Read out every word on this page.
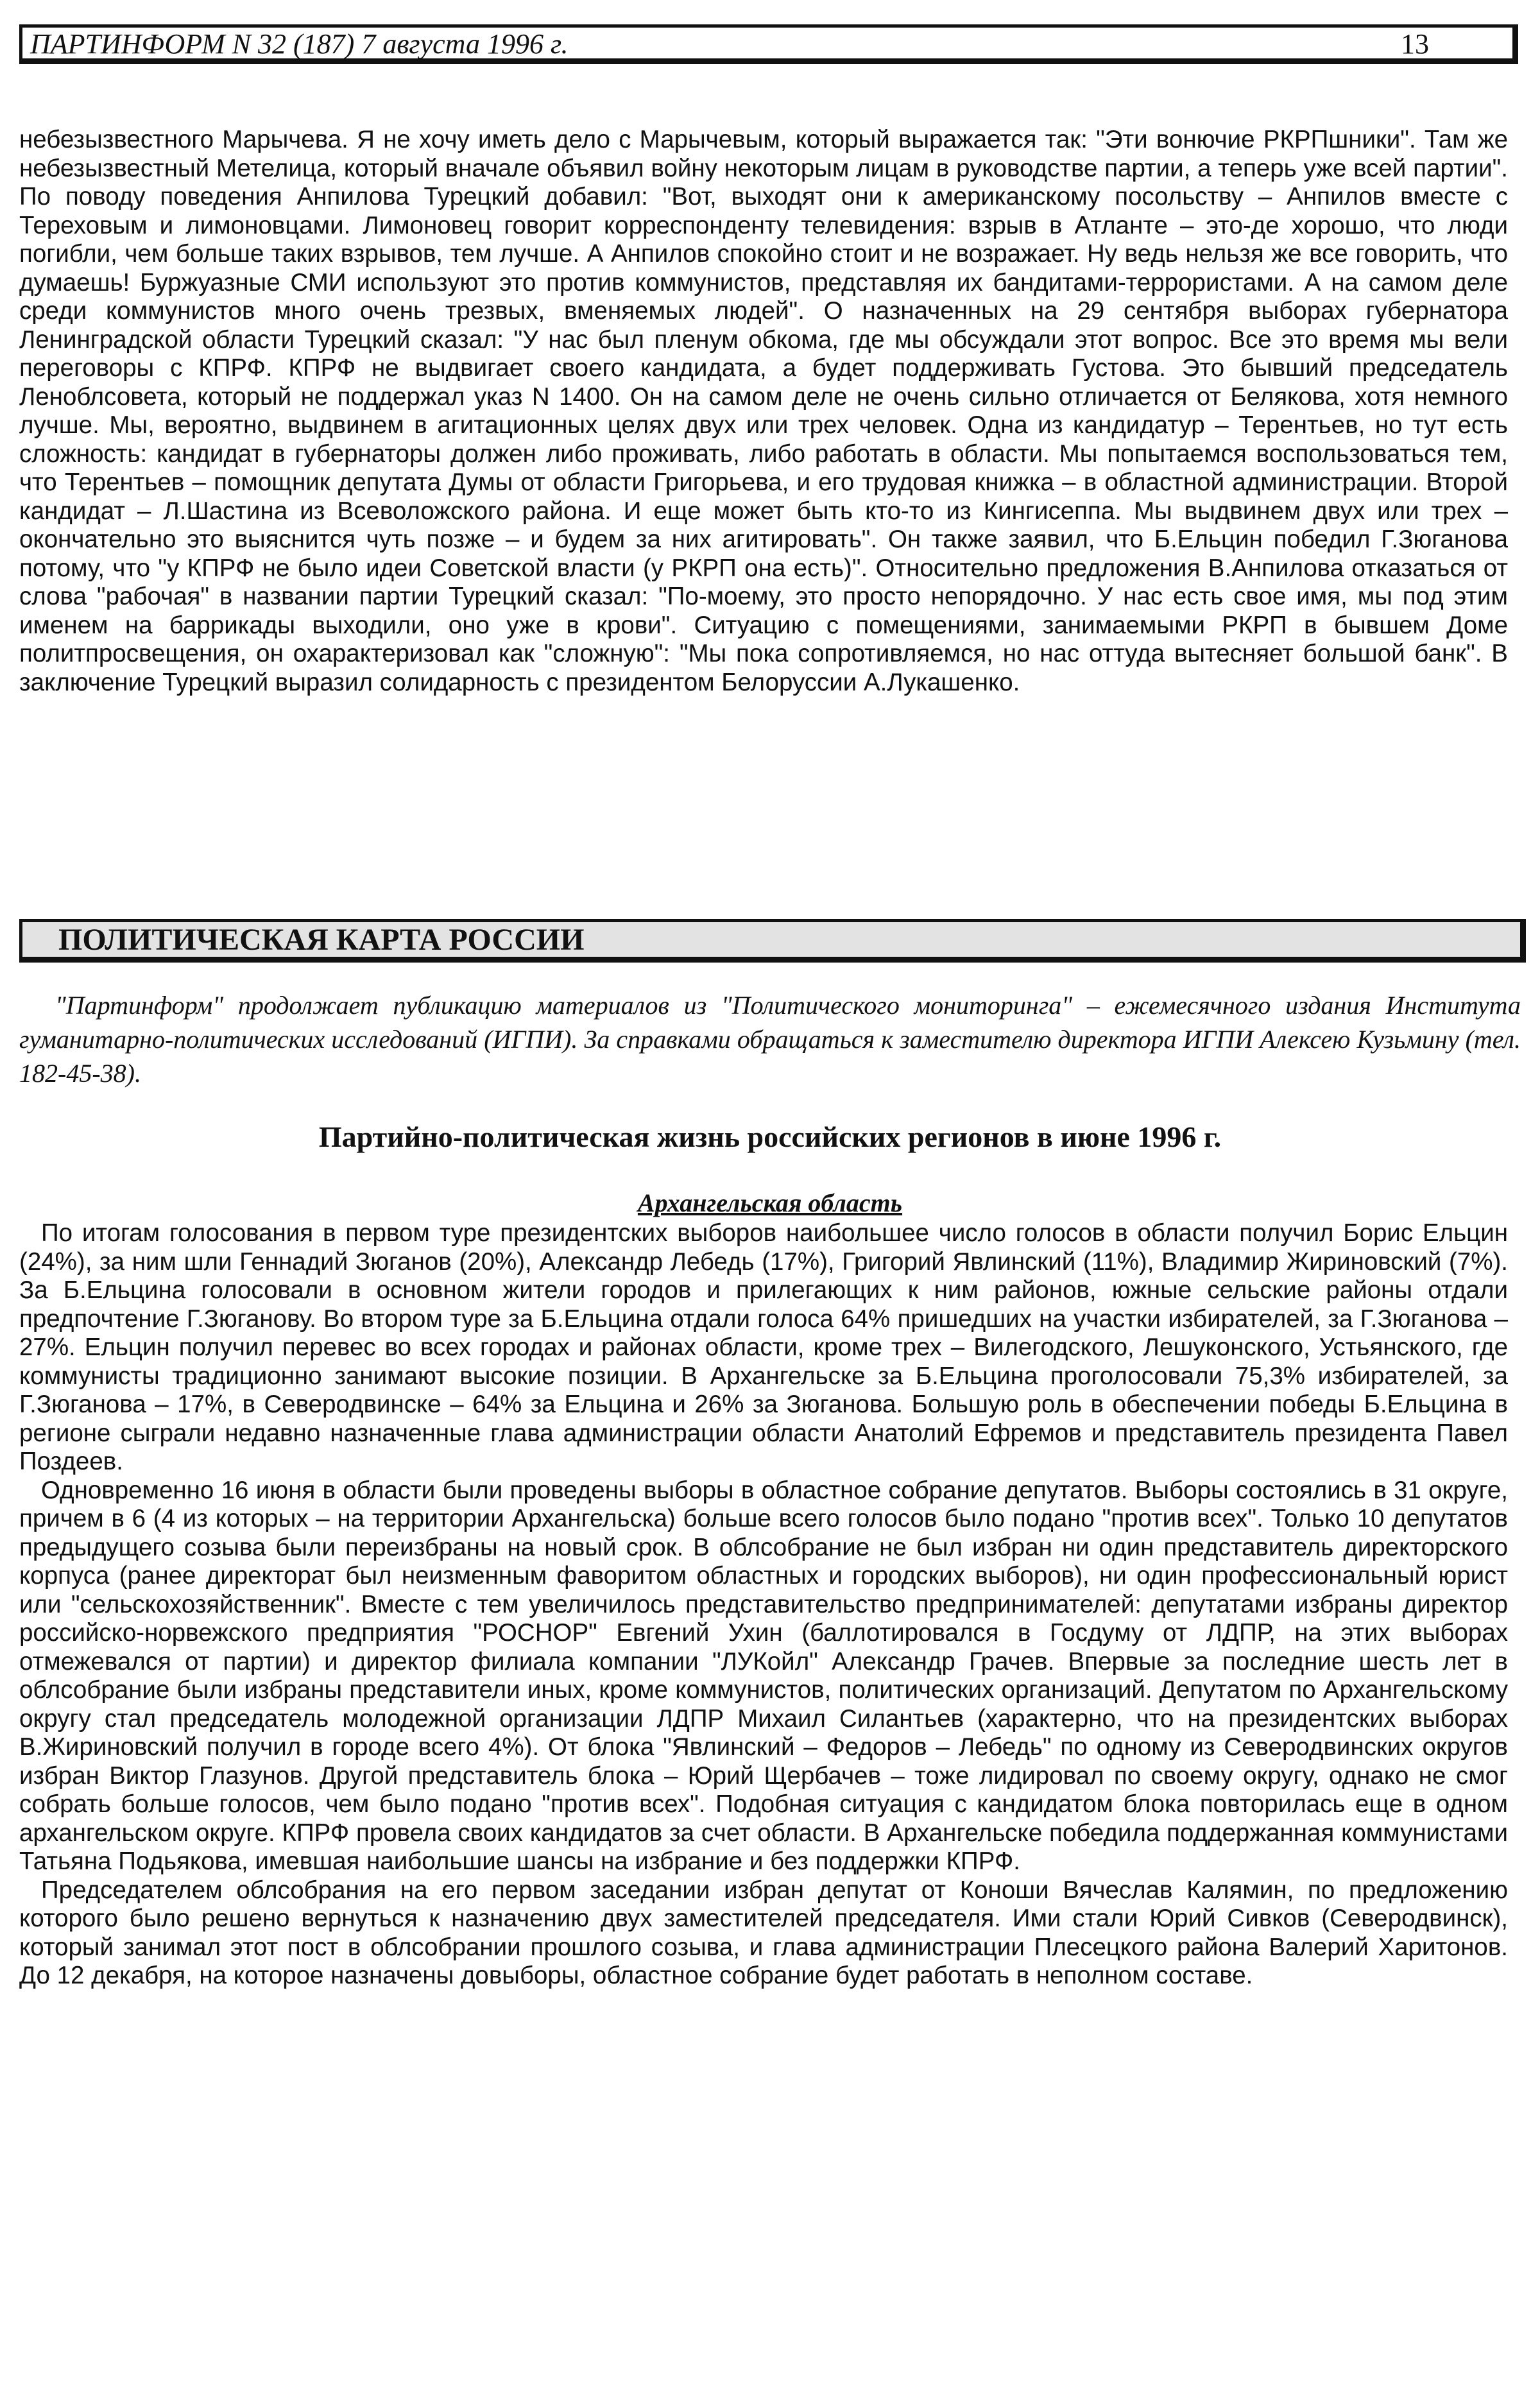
ПАРТИНФОРМ N 32 (187) 7 августа 1996 г.	13

небезызвестного Марычева. Я не хочу иметь дело с Марычевым, который выражается так: "Эти вонючие РКРПшники". Там же небезызвестный Метелица, который вначале объявил войну некоторым лицам в руководстве партии, а теперь уже всей партии". По поводу поведения Анпилова Турецкий добавил: "Вот, выходят они к американскому посольству – Анпилов вместе с Тереховым и лимоновцами. Лимоновец говорит корреспонденту телевидения: взрыв в Атланте – это-де хорошо, что люди погибли, чем больше таких взрывов, тем лучше. А Анпилов спокойно стоит и не возражает. Ну ведь нельзя же все говорить, что думаешь! Буржуазные СМИ используют это против коммунистов, представляя их бандитами-террористами. А на самом деле среди коммунистов много очень трезвых, вменяемых людей". О назначенных на 29 сентября выборах губернатора Ленинградской области Турецкий сказал: "У нас был пленум обкома, где мы обсуждали этот вопрос. Все это время мы вели переговоры с КПРФ. КПРФ не выдвигает своего кандидата, а будет поддерживать Густова. Это бывший председатель Леноблсовета, который не поддержал указ N 1400. Он на самом деле не очень сильно отличается от Белякова, хотя немного лучше. Мы, вероятно, выдвинем в агитационных целях двух или трех человек. Одна из кандидатур – Терентьев, но тут есть сложность: кандидат в губернаторы должен либо проживать, либо работать в области. Мы попытаемся воспользоваться тем, что Терентьев – помощник депутата Думы от области Григорьева, и его трудовая книжка – в областной администрации. Второй кандидат – Л.Шастина из Всеволожского района. И еще может быть кто-то из Кингисеппа. Мы выдвинем двух или трех – окончательно это выяснится чуть позже – и будем за них агитировать". Он также заявил, что Б.Ельцин победил Г.Зюганова потому, что "у КПРФ не было идеи Советской власти (у РКРП она есть)". Относительно предложения В.Анпилова отказаться от слова "рабочая" в названии партии Турецкий сказал: "По-моему, это просто непорядочно. У нас есть свое имя, мы под этим именем на баррикады выходили, оно уже в крови". Ситуацию с помещениями, занимаемыми РКРП в бывшем Доме политпросвещения, он охарактеризовал как "сложную": "Мы пока сопротивляемся, но нас оттуда вытесняет большой банк". В заключение Турецкий выразил солидарность с президентом Белоруссии А.Лукашенко.

ПОЛИТИЧЕСКАЯ КАРТА РОССИИ

"Партинформ" продолжает публикацию материалов из "Политического мониторинга" – ежемесячного издания Института гуманитарно-политических исследований (ИГПИ). За справками обращаться к заместителю директора ИГПИ Алексею Кузьмину (тел. 182-45-38).

Партийно-политическая жизнь российских регионов в июне 1996 г.
Архангельская область

По итогам голосования в первом туре президентских выборов наибольшее число голосов в области получил Борис Ельцин (24%), за ним шли Геннадий Зюганов (20%), Александр Лебедь (17%), Григорий Явлинский (11%), Владимир Жириновский (7%). За Б.Ельцина голосовали в основном жители городов и прилегающих к ним районов, южные сельские районы отдали предпочтение Г.Зюганову. Во втором туре за Б.Ельцина отдали голоса 64% пришедших на участки избирателей, за Г.Зюганова – 27%. Ельцин получил перевес во всех городах и районах области, кроме трех – Вилегодского, Лешуконского, Устьянского, где коммунисты традиционно занимают высокие позиции. В Архангельске за Б.Ельцина проголосовали 75,3% избирателей, за Г.Зюганова – 17%, в Северодвинске – 64% за Ельцина и 26% за Зюганова. Большую роль в обеспечении победы Б.Ельцина в регионе сыграли недавно назначенные глава администрации области Анатолий Ефремов и представитель президента Павел Поздеев.

Одновременно 16 июня в области были проведены выборы в областное собрание депутатов. Выборы состоялись в 31 округе, причем в 6 (4 из которых – на территории Архангельска) больше всего голосов было подано "против всех". Только 10 депутатов предыдущего созыва были переизбраны на новый срок. В облсобрание не был избран ни один представитель директорского корпуса (ранее директорат был неизменным фаворитом областных и городских выборов), ни один профессиональный юрист или "сельскохозяйственник". Вместе с тем увеличилось представительство предпринимателей: депутатами избраны директор российско-норвежского предприятия "РОСНОР" Евгений Ухин (баллотировался в Госдуму от ЛДПР, на этих выборах отмежевался от партии) и директор филиала компании "ЛУКойл" Александр Грачев. Впервые за последние шесть лет в облсобрание были избраны представители иных, кроме коммунистов, политических организаций. Депутатом по Архангельскому округу стал председатель молодежной организации ЛДПР Михаил Силантьев (характерно, что на президентских выборах В.Жириновский получил в городе всего 4%). От блока "Явлинский – Федоров – Лебедь" по одному из Северодвинских округов избран Виктор Глазунов. Другой представитель блока – Юрий Щербачев – тоже лидировал по своему округу, однако не смог собрать больше голосов, чем было подано "против всех". Подобная ситуация с кандидатом блока повторилась еще в одном архангельском округе. КПРФ провела своих кандидатов за счет области. В Архангельске победила поддержанная коммунистами Татьяна Подьякова, имевшая наибольшие шансы на избрание и без поддержки КПРФ.

Председателем облсобрания на его первом заседании избран депутат от Коноши Вячеслав Калямин, по предложению которого было решено вернуться к назначению двух заместителей председателя. Ими стали Юрий Сивков (Северодвинск), который занимал этот пост в облсобрании прошлого созыва, и глава администрации Плесецкого района Валерий Харитонов. До 12 декабря, на которое назначены довыборы, областное собрание будет работать в неполном составе.
